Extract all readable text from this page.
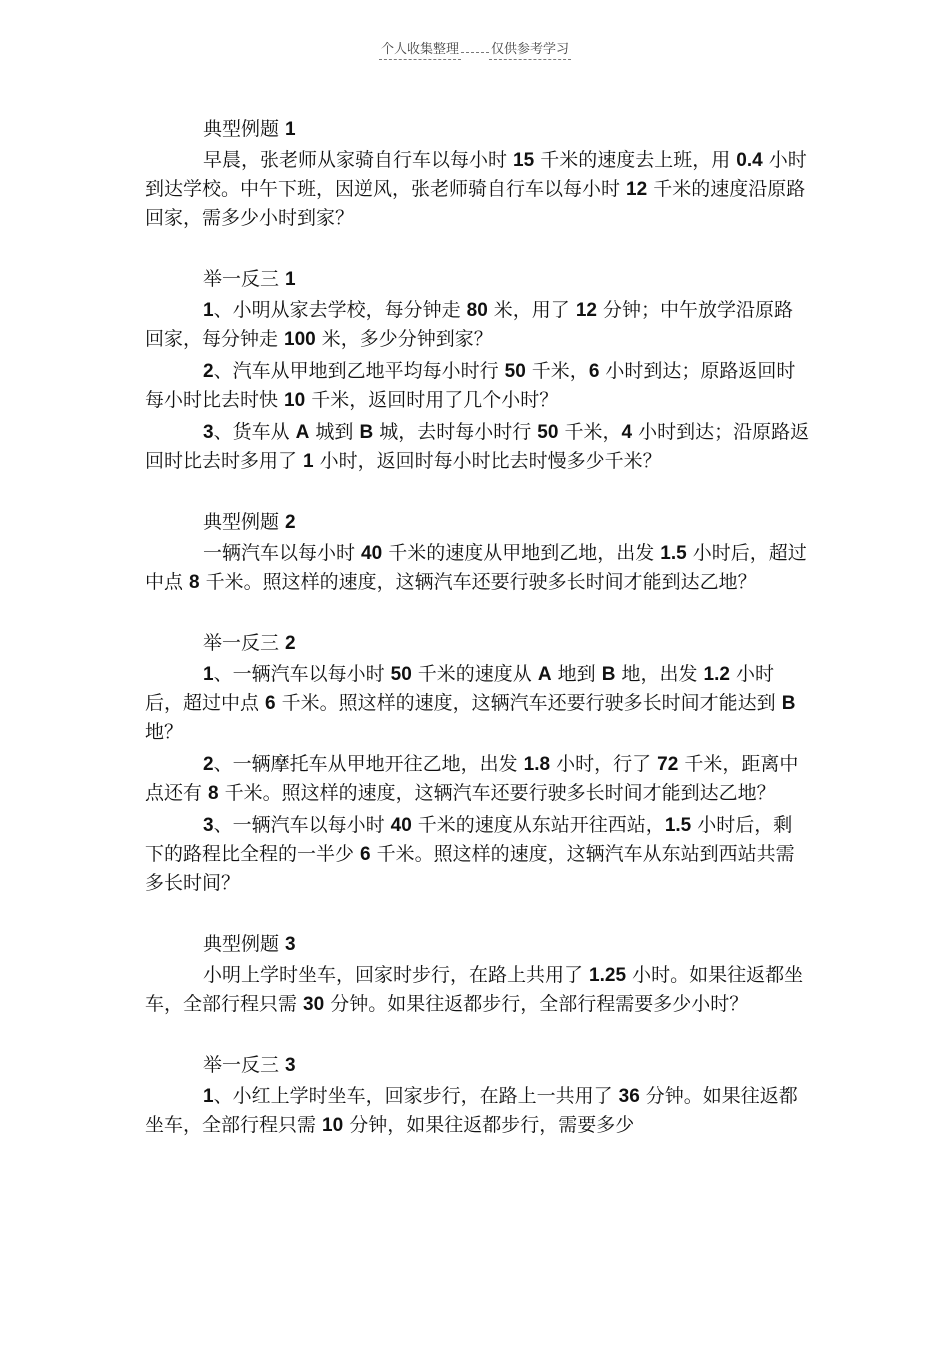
个人收集整理 仅供参考学习
典型例题 1
早晨，张老师从家骑自行车以每小时 15 千米的速度去上班，用 0.4 小时到达学校。中午下班，因逆风，张老师骑自行车以每小时 12 千米的速度沿原路回家，需多少小时到家？
举一反三 1
1、小明从家去学校，每分钟走 80 米，用了 12 分钟；中午放学沿原路回家，每分钟走 100 米，多少分钟到家？
2、汽车从甲地到乙地平均每小时行 50 千米，6 小时到达；原路返回时每小时比去时快 10 千米，返回时用了几个小时？
3、货车从 A 城到 B 城，去时每小时行 50 千米，4 小时到达；沿原路返回时比去时多用了 1 小时，返回时每小时比去时慢多少千米？
典型例题 2
一辆汽车以每小时 40 千米的速度从甲地到乙地，出发 1.5 小时后，超过中点 8 千米。照这样的速度，这辆汽车还要行驶多长时间才能到达乙地？
举一反三 2
1、一辆汽车以每小时 50 千米的速度从 A 地到 B 地，出发 1.2 小时后，超过中点 6 千米。照这样的速度，这辆汽车还要行驶多长时间才能达到 B 地？
2、一辆摩托车从甲地开往乙地，出发 1.8 小时，行了 72 千米，距离中点还有 8 千米。照这样的速度，这辆汽车还要行驶多长时间才能到达乙地？
3、一辆汽车以每小时 40 千米的速度从东站开往西站，1.5 小时后，剩下的路程比全程的一半少 6 千米。照这样的速度，这辆汽车从东站到西站共需多长时间？
典型例题 3
小明上学时坐车，回家时步行，在路上共用了 1.25 小时。如果往返都坐车，全部行程只需 30 分钟。如果往返都步行，全部行程需要多少小时？
举一反三 3
1、小红上学时坐车，回家步行，在路上一共用了 36 分钟。如果往返都坐车，全部行程只需 10 分钟，如果往返都步行，需要多少
